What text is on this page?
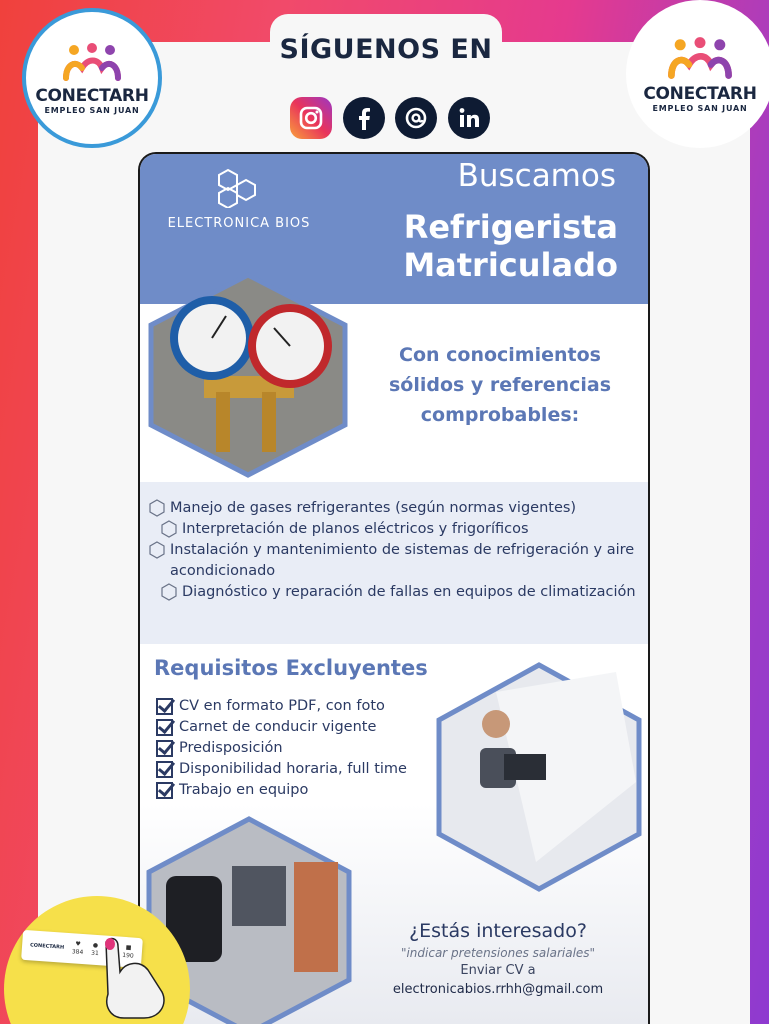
SÍGUENOS EN
CONECTARH
EMPLEO SAN JUAN
CONECTARH
EMPLEO SAN JUAN
ELECTRONICA BIOS
Buscamos
Refrigerista
Matriculado
Con conocimientos
sólidos y referencias
comprobables:
Manejo de gases refrigerantes (según normas vigentes)
Interpretación de planos eléctricos y frigoríficos
Instalación y mantenimiento de sistemas de refrigeración y aire acondicionado
Diagnóstico y reparación de fallas en equipos de climatización
Requisitos Excluyentes
CV en formato PDF, con foto
Carnet de conducir vigente
Predisposición
Disponibilidad horaria, full time
Trabajo en equipo
¿Estás interesado?
"indicar pretensiones salariales"
Enviar CV a
electronicabios.rrhh@gmail.com
CONECTARH	♥
384
●
31

■
190
